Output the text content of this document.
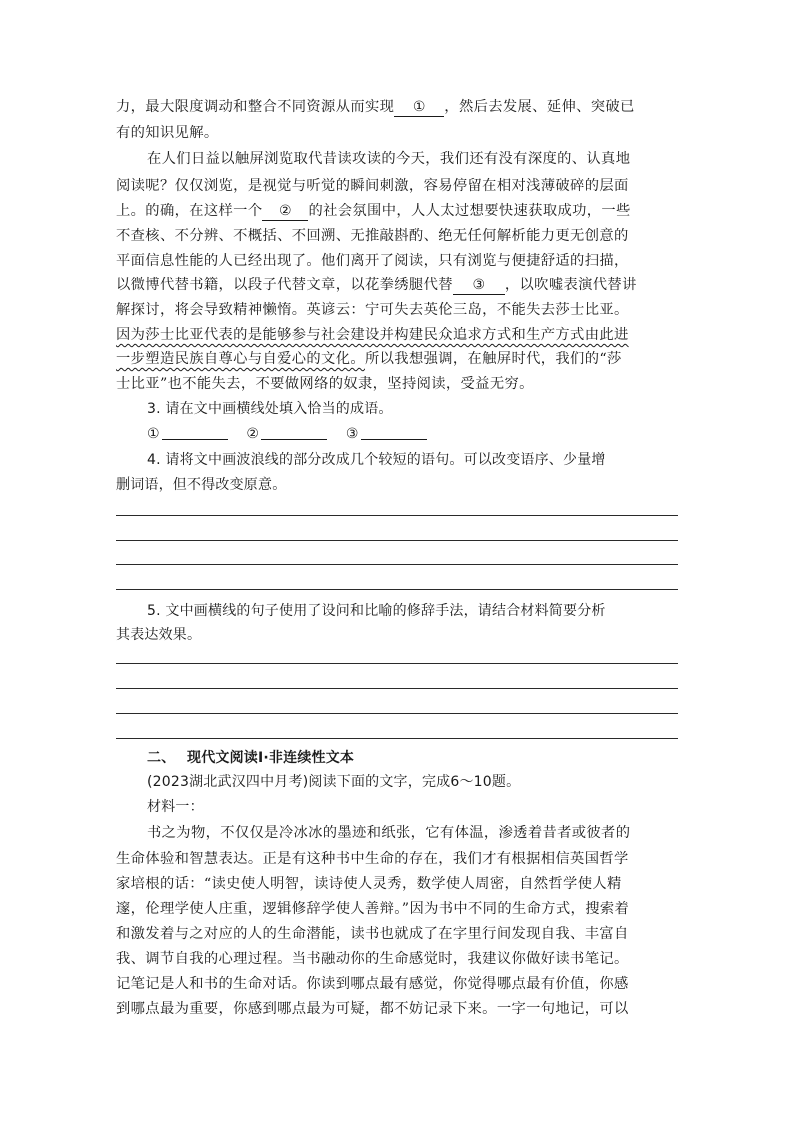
力，最大限度调动和整合不同资源从而实现 ① ，然后去发展、延伸、突破已
有的知识见解。
在人们日益以触屏浏览取代昔读攻读的今天，我们还有没有深度的、认真地
阅读呢？仅仅浏览，是视觉与听觉的瞬间刺激，容易停留在相对浅薄破碎的层面
上。的确，在这样一个 ② 的社会氛围中，人人太过想要快速获取成功，一些
不查核、不分辨、不概括、不回溯、无推敲斟酌、绝无任何解析能力更无创意的
平面信息性能的人已经出现了。他们离开了阅读，只有浏览与便捷舒适的扫描，
以微博代替书籍，以段子代替文章，以花拳绣腿代替 ③ ，以吹嘘表演代替讲
解探讨，将会导致精神懒惰。英谚云：宁可失去英伦三岛，不能失去莎士比亚。
因为莎士比亚代表的是能够参与社会建设并构建民众追求方式和生产方式由此进
一步塑造民族自尊心与自爱心的文化。所以我想强调，在触屏时代，我们的“莎
士比亚”也不能失去，不要做网络的奴隶，坚持阅读，受益无穷。
3. 请在文中画横线处填入恰当的成语。
①	②	③
4. 请将文中画波浪线的部分改成几个较短的语句。可以改变语序、少量增
删词语，但不得改变原意。
5. 文中画横线的句子使用了设问和比喻的修辞手法，请结合材料简要分析
其表达效果。
二、 现代文阅读Ⅰ·非连续性文本
(2023湖北武汉四中月考)阅读下面的文字，完成6～10题。
材料一：
书之为物，不仅仅是冷冰冰的墨迹和纸张，它有体温，渗透着昔者或彼者的
生命体验和智慧表达。正是有这种书中生命的存在，我们才有根据相信英国哲学
家培根的话：“读史使人明智，读诗使人灵秀，数学使人周密，自然哲学使人精
邃，伦理学使人庄重，逻辑修辞学使人善辩。”因为书中不同的生命方式，搜索着
和激发着与之对应的人的生命潜能，读书也就成了在字里行间发现自我、丰富自
我、调节自我的心理过程。当书融动你的生命感觉时，我建议你做好读书笔记。
记笔记是人和书的生命对话。你读到哪点最有感觉，你觉得哪点最有价值，你感
到哪点最为重要，你感到哪点最为可疑，都不妨记录下来。一字一句地记，可以
